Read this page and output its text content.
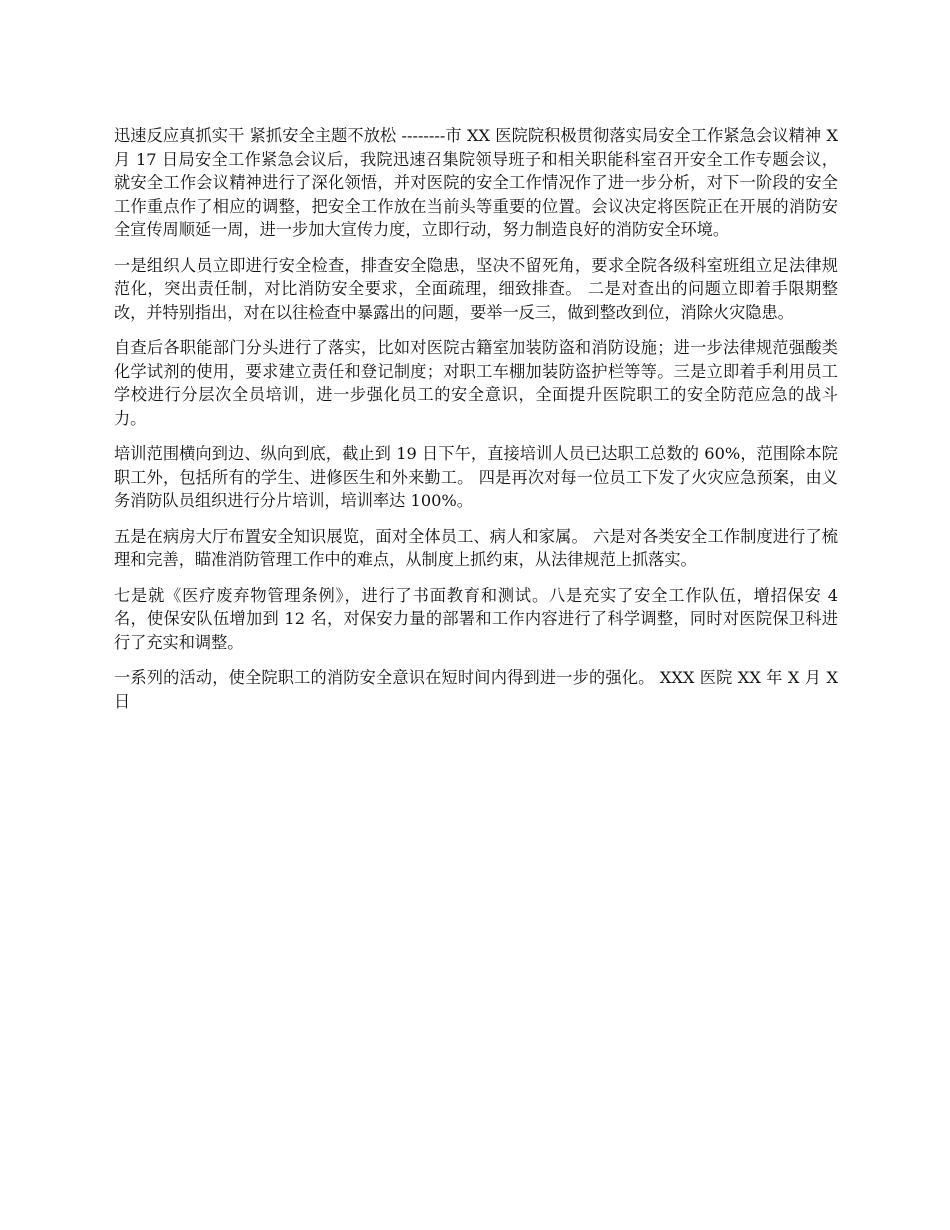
迅速反应真抓实干 紧抓安全主题不放松 --------市 XX 医院院积极贯彻落实局安全工作紧急会议精神 X 月 17 日局安全工作紧急会议后，我院迅速召集院领导班子和相关职能科室召开安全工作专题会议，就安全工作会议精神进行了深化领悟，并对医院的安全工作情况作了进一步分析，对下一阶段的安全工作重点作了相应的调整，把安全工作放在当前头等重要的位置。会议决定将医院正在开展的消防安全宣传周顺延一周，进一步加大宣传力度，立即行动，努力制造良好的消防安全环境。

一是组织人员立即进行安全检查，排查安全隐患，坚决不留死角，要求全院各级科室班组立足法律规范化，突出责任制，对比消防安全要求，全面疏理，细致排查。 二是对查出的问题立即着手限期整改，并特别指出，对在以往检查中暴露出的问题，要举一反三，做到整改到位，消除火灾隐患。

自查后各职能部门分头进行了落实，比如对医院古籍室加装防盗和消防设施；进一步法律规范强酸类化学试剂的使用，要求建立责任和登记制度；对职工车棚加装防盗护栏等等。三是立即着手利用员工学校进行分层次全员培训，进一步强化员工的安全意识，全面提升医院职工的安全防范应急的战斗力。

培训范围横向到边、纵向到底，截止到 19 日下午，直接培训人员已达职工总数的 60%，范围除本院职工外，包括所有的学生、进修医生和外来勤工。 四是再次对每一位员工下发了火灾应急预案，由义务消防队员组织进行分片培训，培训率达 100%。

五是在病房大厅布置安全知识展览，面对全体员工、病人和家属。 六是对各类安全工作制度进行了梳理和完善，瞄准消防管理工作中的难点，从制度上抓约束，从法律规范上抓落实。

七是就《医疗废弃物管理条例》，进行了书面教育和测试。八是充实了安全工作队伍，增招保安 4 名，使保安队伍增加到 12 名，对保安力量的部署和工作内容进行了科学调整，同时对医院保卫科进行了充实和调整。

一系列的活动，使全院职工的消防安全意识在短时间内得到进一步的强化。 XXX 医院 XX 年 X 月 X 日
